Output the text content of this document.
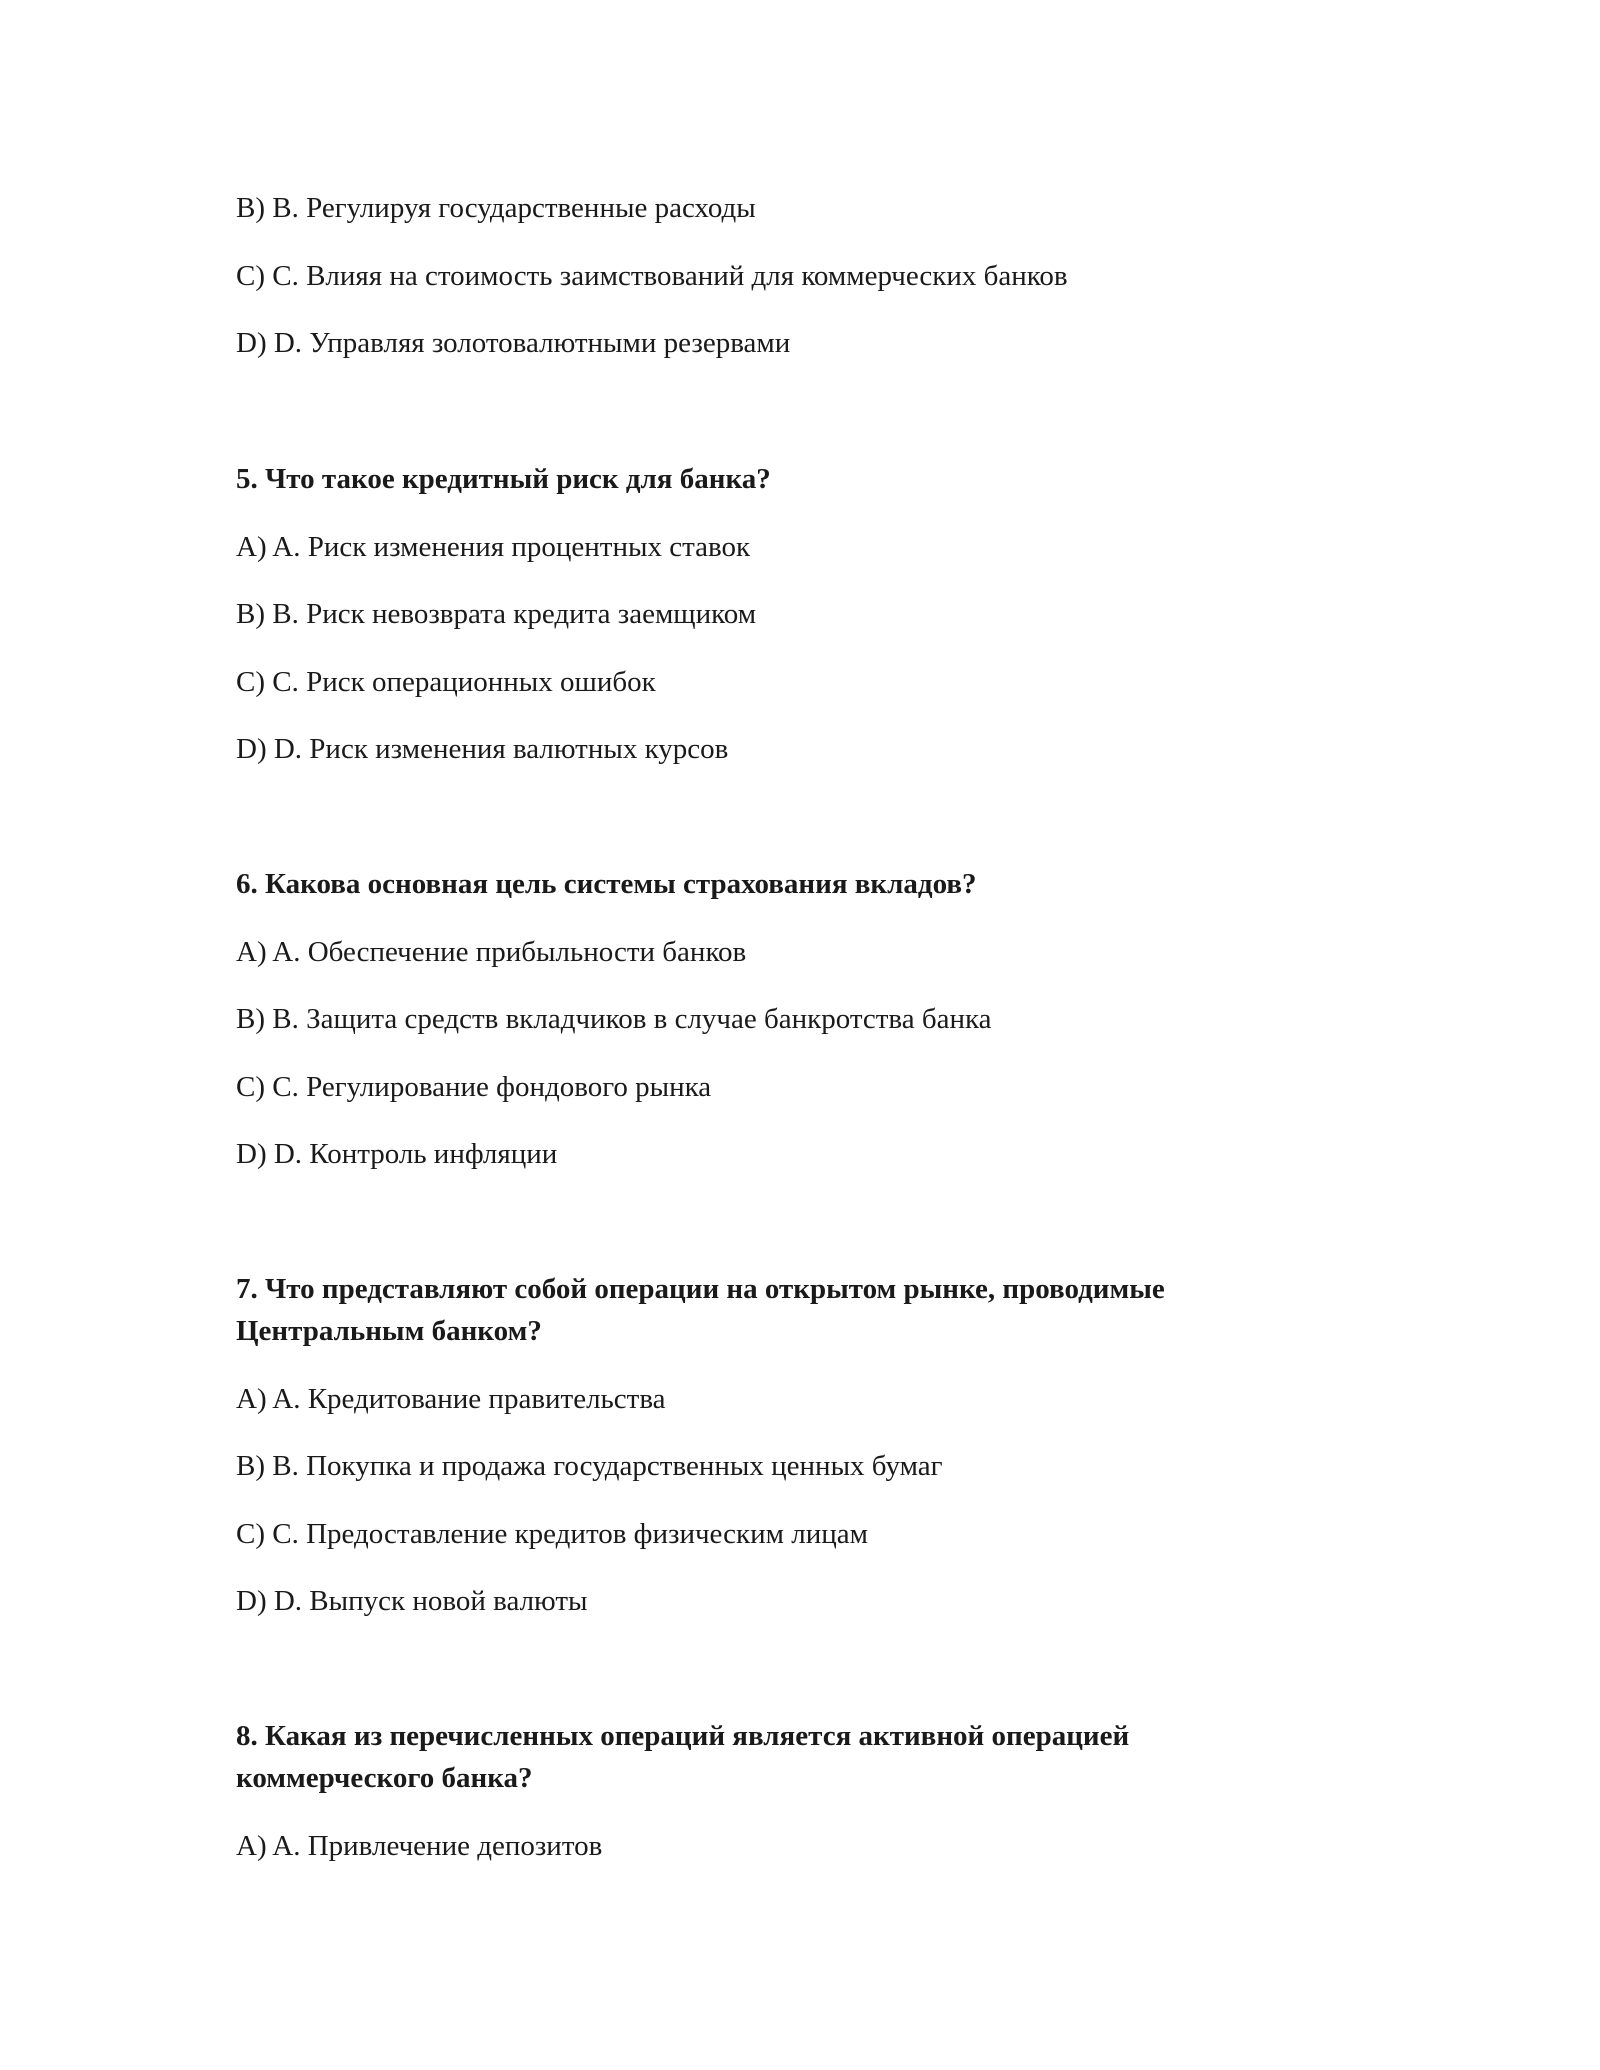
B) B. Регулируя государственные расходы
C) C. Влияя на стоимость заимствований для коммерческих банков
D) D. Управляя золотовалютными резервами
5. Что такое кредитный риск для банка?
A) A. Риск изменения процентных ставок
B) B. Риск невозврата кредита заемщиком
C) C. Риск операционных ошибок
D) D. Риск изменения валютных курсов
6. Какова основная цель системы страхования вкладов?
A) A. Обеспечение прибыльности банков
B) B. Защита средств вкладчиков в случае банкротства банка
C) C. Регулирование фондового рынка
D) D. Контроль инфляции
7. Что представляют собой операции на открытом рынке, проводимые
Центральным банком?
A) A. Кредитование правительства
B) B. Покупка и продажа государственных ценных бумаг
C) C. Предоставление кредитов физическим лицам
D) D. Выпуск новой валюты
8. Какая из перечисленных операций является активной операцией
коммерческого банка?
A) A. Привлечение депозитов
